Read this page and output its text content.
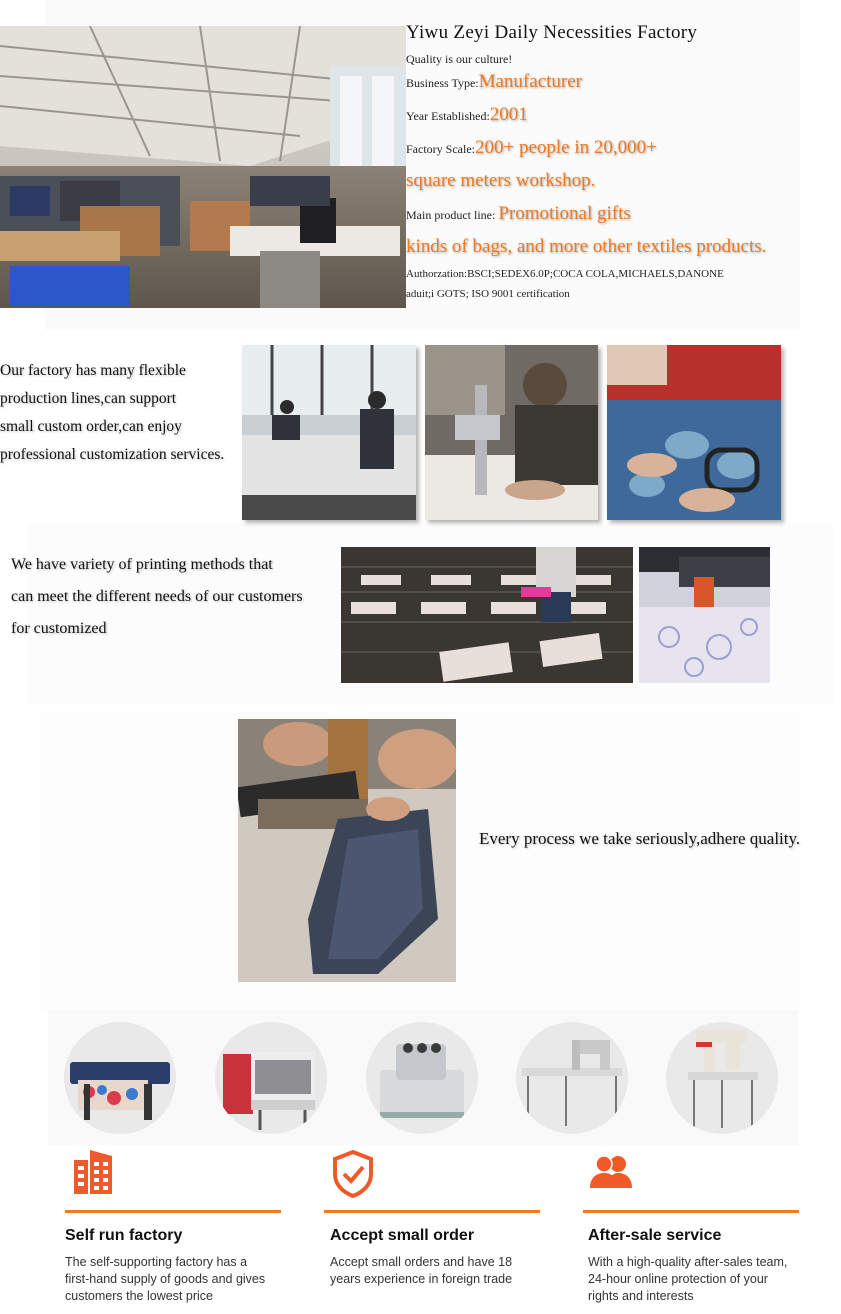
Yiwu Zeyi Daily Necessities Factory
Quality is our culture!
Business Type:Manufacturer
Year Established:2001
Factory Scale:200+ people in 20,000+
square meters workshop.
Main product line: Promotional gifts
kinds of bags, and more other textiles products.
Authorzation:BSCI;SEDEX6.0P;COCA COLA,MICHAELS,DANONE
aduit;i GOTS; ISO 9001 certification
Our factory has many flexible
production lines,can support
small custom order,can enjoy
professional customization services.
We have variety of printing methods that
can meet the different needs of our customers
for customized
Every process we take seriously,adhere quality.
Self run factory
The self-supporting factory has a
first-hand supply of goods and gives
customers the lowest price
Accept small order
Accept small orders and have 18
years experience in foreign trade
After-sale service
With a high-quality after-sales team,
24-hour online protection of your
rights and interests
